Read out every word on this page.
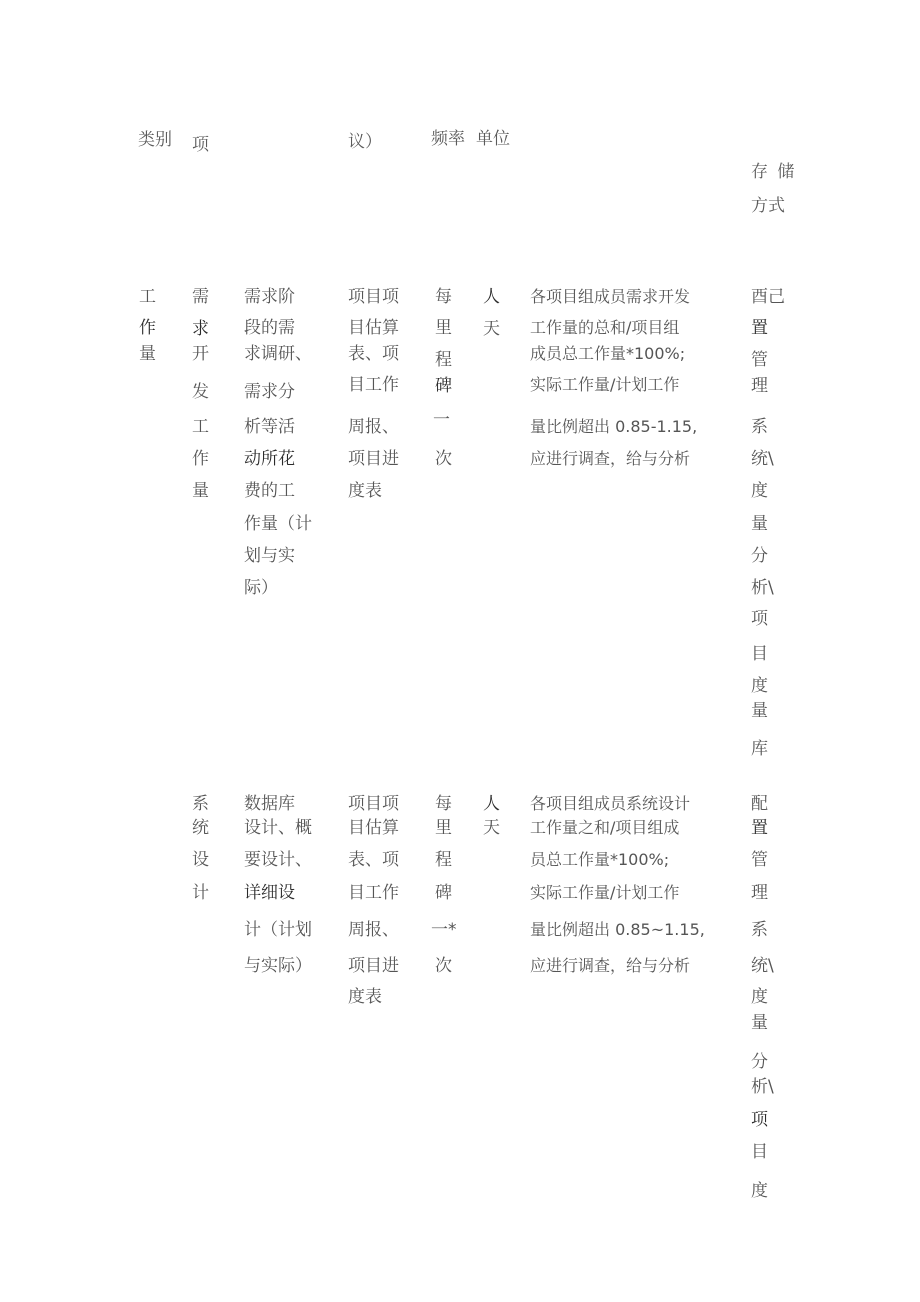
类别 项	议）	频率 单位
存 储
方式
工
作
量
需
求
开
发
工
作
量
需求阶
段的需
求调研、
需求分
析等活
动所花
费的工
作量（计
划与实
际）
项目项
目估算
表、项
目工作
周报、
项目进
度表
每
里
程
碑
一
次
人
天
各项目组成员需求开发
工作量的总和/项目组
成员总工作量*100%;
实际工作量/计划工作
量比例超出 0.85-1.15,
应进行调查，给与分析
酉己
置
管
理
系
统\
度
量
分
析\
项
目
度
量
库
系
统
设
计
数据库
设计、概
要设计、
详细设
计（计划
与实际）
项目项
目估算
表、项
目工作
周报、
项目进
度表
每
里
程
碑
一*
次
人
天
各项目组成员系统设计
工作量之和/项目组成
员总工作量*100%;
实际工作量/计划工作
量比例超出 0.85~1.15,
应进行调查，给与分析
配
置
管
理
系
统\
度
量
分
析\
项
目
度
